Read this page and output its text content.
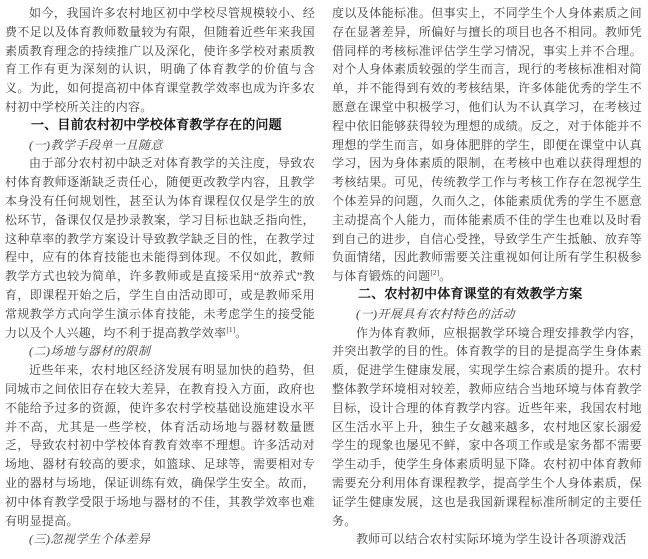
如今，我国许多农村地区初中学校尽管规模较小、经费不足以及体育教师数量较为有限，但随着近些年来我国素质教育理念的持续推广以及深化，使许多学校对素质教育工作有更为深刻的认识，明确了体育教学的价值与含义。为此，如何提高初中体育课堂教学效率也成为许多农村初中学校所关注的内容。

一、目前农村初中学校体育教学存在的问题

(一)教学手段单一且随意

由于部分农村初中缺乏对体育教学的关注度，导致农村体育教师逐渐缺乏责任心，随便更改教学内容，且教学本身没有任何规划性，甚至认为体育课程仅仅是学生的放松环节，备课仅仅是抄录教案，学习目标也缺乏指向性，这种草率的教学方案设计导致教学缺乏目的性，在教学过程中，应有的体育技能也未能得到体现。不仅如此，教师教学方式也较为简单，许多教师或是直接采用“放养式”教育，即课程开始之后，学生自由活动即可，或是教师采用常规教学方式向学生演示体育技能，未考虑学生的接受能力以及个人兴趣，均不利于提高教学效率[1]。

(二)场地与器材的限制

近些年来，农村地区经济发展有明显加快的趋势，但同城市之间依旧存在较大差异，在教育投入方面，政府也不能给予过多的资源，使许多农村学校基础设施建设水平并不高，尤其是一些学校，体育活动场地与器材数量匮乏，导致农村初中学校体育教育效率不理想。许多活动对场地、器材有较高的要求，如篮球、足球等，需要相对专业的器材与场地，保证训练有效，确保学生安全。故而，初中体育教学受限于场地与器材的不佳，其教学效率也难有明显提高。

(三)忽视学生个体差异

度以及体能标准。但事实上，不同学生个人身体素质之间存在显著差异，所偏好与擅长的项目也各不相同。教师凭借同样的考核标准评估学生学习情况，事实上并不合理。对个人身体素质较强的学生而言，现行的考核标准相对简单，并不能得到有效的考核结果，许多体能优秀的学生不愿意在课堂中积极学习，他们认为不认真学习，在考核过程中依旧能够获得较为理想的成绩。反之，对于体能并不理想的学生而言，如身体肥胖的学生，即便在课堂中认真学习，因为身体素质的限制，在考核中也难以获得理想的考核结果。可见，传统教学工作与考核工作存在忽视学生个体差异的问题，久而久之，体能素质优秀的学生不愿意主动提高个人能力，而体能素质不佳的学生也难以及时看到自己的进步，自信心受挫，导致学生产生抵触、放弃等负面情绪，因此教师需要关注重视如何让所有学生积极参与体育锻炼的问题[2]。

二、农村初中体育课堂的有效教学方案

(一)开展具有农村特色的活动

作为体育教师，应根据教学环境合理安排教学内容，并突出教学的目的性。体育教学的目的是提高学生身体素质，促进学生健康发展，实现学生综合素质的提升。农村整体教学环境相对较差，教师应结合当地环境与体育教学目标，设计合理的体育教学内容。近些年来，我国农村地区生活水平上升，独生子女越来越多，农村地区家长溺爱学生的现象也屡见不鲜，家中各项工作或是家务都不需要学生动手，使学生身体素质明显下降。农村初中体育教师需要充分利用体育课程教学，提高学生个人身体素质，保证学生健康发展，这也是我国新课程标准所制定的主要任务。

教师可以结合农村实际环境为学生设计各项游戏活
